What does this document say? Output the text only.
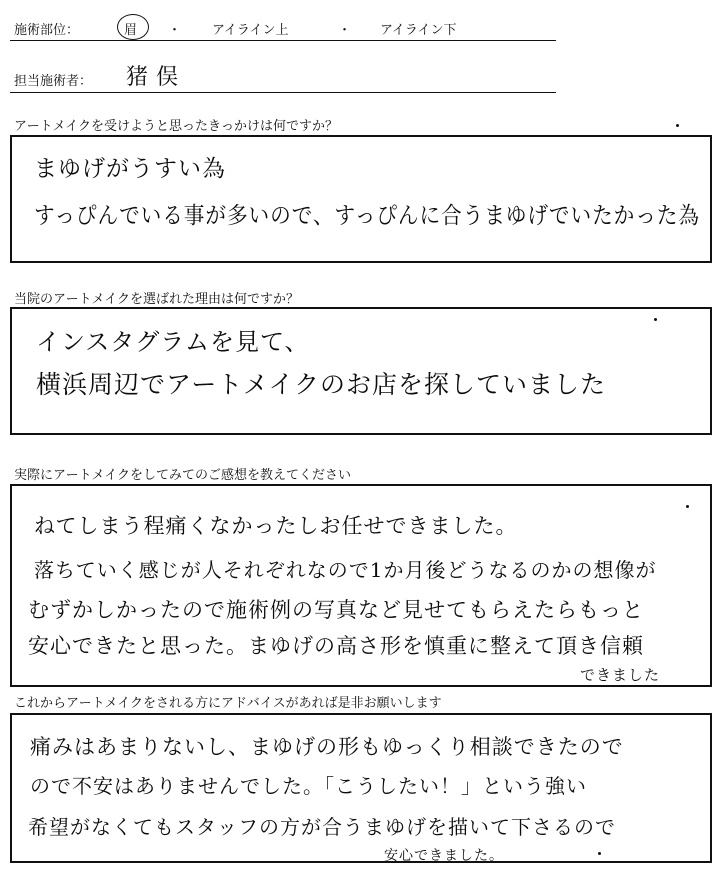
施術部位：	眉 ・ アイライン上	・ アイライン下
担当施術者： 猪俣
アートメイクを受けようと思ったきっかけは何ですか？
まゆげがうすい為
すっぴんでいる事が多いので、すっぴんに合うまゆげでいたかった為
当院のアートメイクを選ばれた理由は何ですか？
インスタグラムを見て、
横浜周辺でアートメイクのお店を探していました
実際にアートメイクをしてみてのご感想を教えてください
ねてしまう程痛くなかったしお任せできました。
落ちていく感じが人それぞれなので1か月後どうなるのかの想像が
むずかしかったので施術例の写真など見せてもらえたらもっと
安心できたと思った。まゆげの高さ形を慎重に整えて頂き信頼
できました
これからアートメイクをされる方にアドバイスがあれば是非お願いします
痛みはあまりないし、まゆげの形もゆっくり相談できたので
ので不安はありませんでした。「こうしたい！」という強い
希望がなくてもスタッフの方が合うまゆげを描いて下さるので
安心できました。
